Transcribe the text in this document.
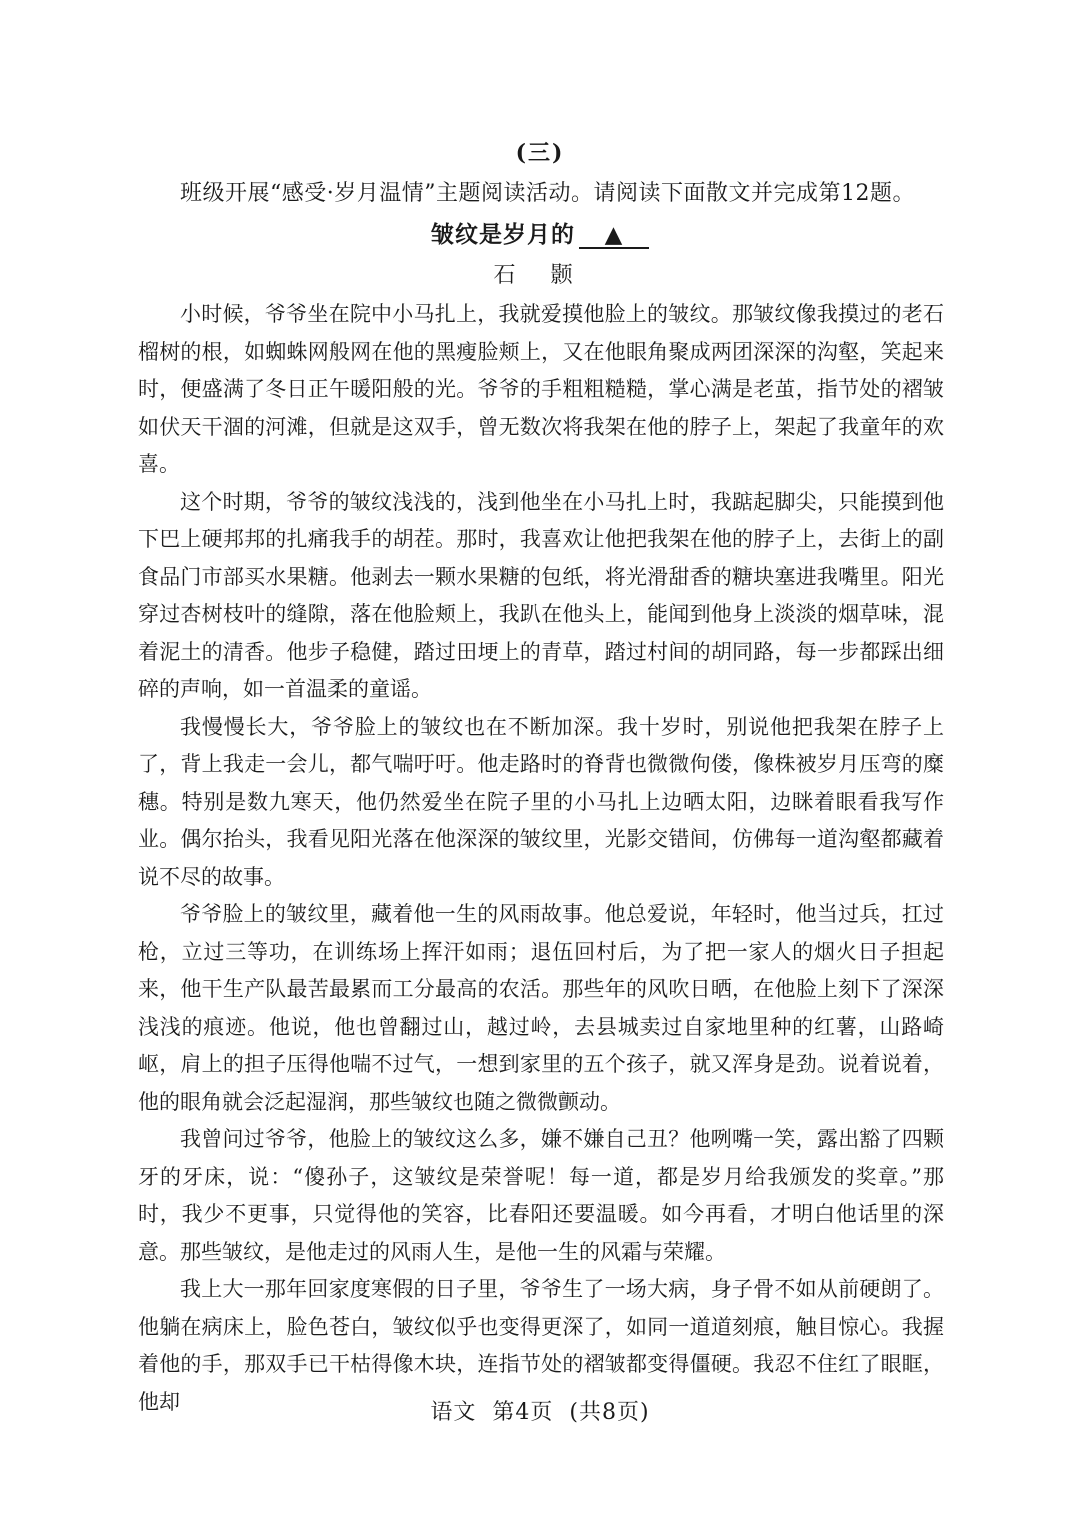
(三)
班级开展“感受·岁月温情”主题阅读活动。请阅读下面散文并完成第12题。
皱纹是岁月的 ▲
石 颢

小时候，爷爷坐在院中小马扎上，我就爱摸他脸上的皱纹。那皱纹像我摸过的老石榴树的根，如蜘蛛网般网在他的黑瘦脸颊上，又在他眼角聚成两团深深的沟壑，笑起来时，便盛满了冬日正午暖阳般的光。爷爷的手粗粗糙糙，掌心满是老茧，指节处的褶皱如伏天干涸的河滩，但就是这双手，曾无数次将我架在他的脖子上，架起了我童年的欢喜。

这个时期，爷爷的皱纹浅浅的，浅到他坐在小马扎上时，我踮起脚尖，只能摸到他下巴上硬邦邦的扎痛我手的胡茬。那时，我喜欢让他把我架在他的脖子上，去街上的副食品门市部买水果糖。他剥去一颗水果糖的包纸，将光滑甜香的糖块塞进我嘴里。阳光穿过杏树枝叶的缝隙，落在他脸颊上，我趴在他头上，能闻到他身上淡淡的烟草味，混着泥土的清香。他步子稳健，踏过田埂上的青草，踏过村间的胡同路，每一步都踩出细碎的声响，如一首温柔的童谣。

我慢慢长大，爷爷脸上的皱纹也在不断加深。我十岁时，别说他把我架在脖子上了，背上我走一会儿，都气喘吁吁。他走路时的脊背也微微佝偻，像株被岁月压弯的糜穗。特别是数九寒天，他仍然爱坐在院子里的小马扎上边晒太阳，边眯着眼看我写作业。偶尔抬头，我看见阳光落在他深深的皱纹里，光影交错间，仿佛每一道沟壑都藏着说不尽的故事。

爷爷脸上的皱纹里，藏着他一生的风雨故事。他总爱说，年轻时，他当过兵，扛过枪，立过三等功，在训练场上挥汗如雨；退伍回村后，为了把一家人的烟火日子担起来，他干生产队最苦最累而工分最高的农活。那些年的风吹日晒，在他脸上刻下了深深浅浅的痕迹。他说，他也曾翻过山，越过岭，去县城卖过自家地里种的红薯，山路崎岖，肩上的担子压得他喘不过气，一想到家里的五个孩子，就又浑身是劲。说着说着，他的眼角就会泛起湿润，那些皱纹也随之微微颤动。

我曾问过爷爷，他脸上的皱纹这么多，嫌不嫌自己丑？他咧嘴一笑，露出豁了四颗牙的牙床，说：“傻孙子，这皱纹是荣誉呢！每一道，都是岁月给我颁发的奖章。”那时，我少不更事，只觉得他的笑容，比春阳还要温暖。如今再看，才明白他话里的深意。那些皱纹，是他走过的风雨人生，是他一生的风霜与荣耀。

我上大一那年回家度寒假的日子里，爷爷生了一场大病，身子骨不如从前硬朗了。他躺在病床上，脸色苍白，皱纹似乎也变得更深了，如同一道道刻痕，触目惊心。我握着他的手，那双手已干枯得像木块，连指节处的褶皱都变得僵硬。我忍不住红了眼眶，他却	语文 第4页 (共8页)
